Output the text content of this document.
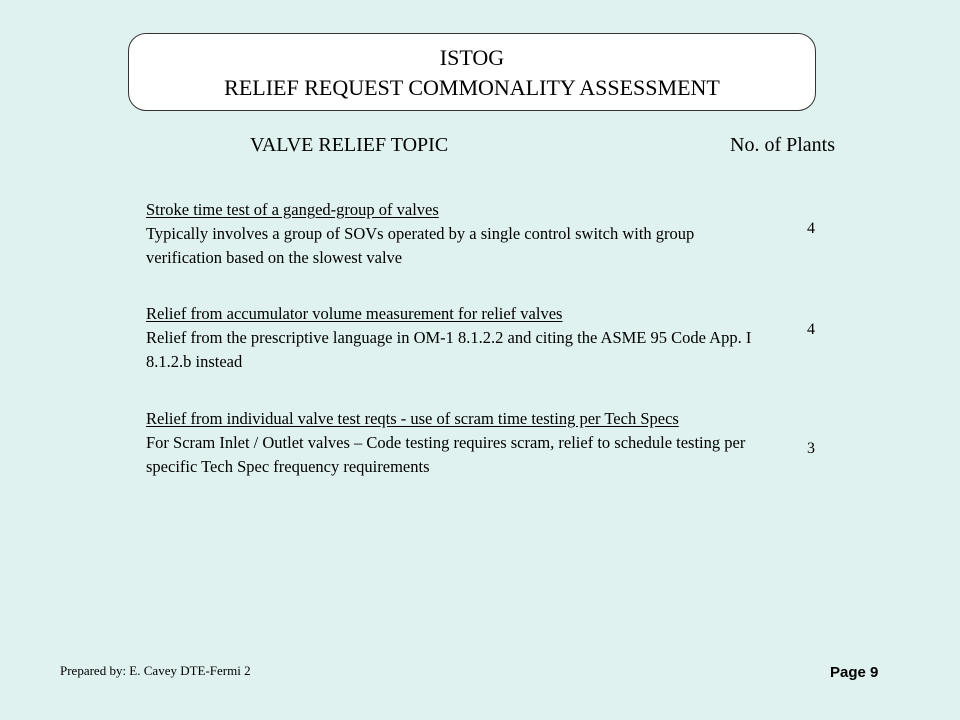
ISTOG
RELIEF REQUEST COMMONALITY ASSESSMENT
VALVE RELIEF TOPIC	No. of Plants
Stroke time test of a ganged-group of valves
Typically involves a group of SOVs operated by a single control switch with group verification based on the slowest valve
4
Relief from accumulator volume measurement for relief valves
Relief from the prescriptive language in OM-1 8.1.2.2 and citing the ASME 95 Code App. I 8.1.2.b instead
4
Relief from individual valve test reqts - use of scram time testing per Tech Specs
For Scram Inlet / Outlet valves – Code testing requires scram, relief to schedule testing per specific Tech Spec frequency requirements
3
Prepared by: E. Cavey DTE-Fermi 2	Page 9
